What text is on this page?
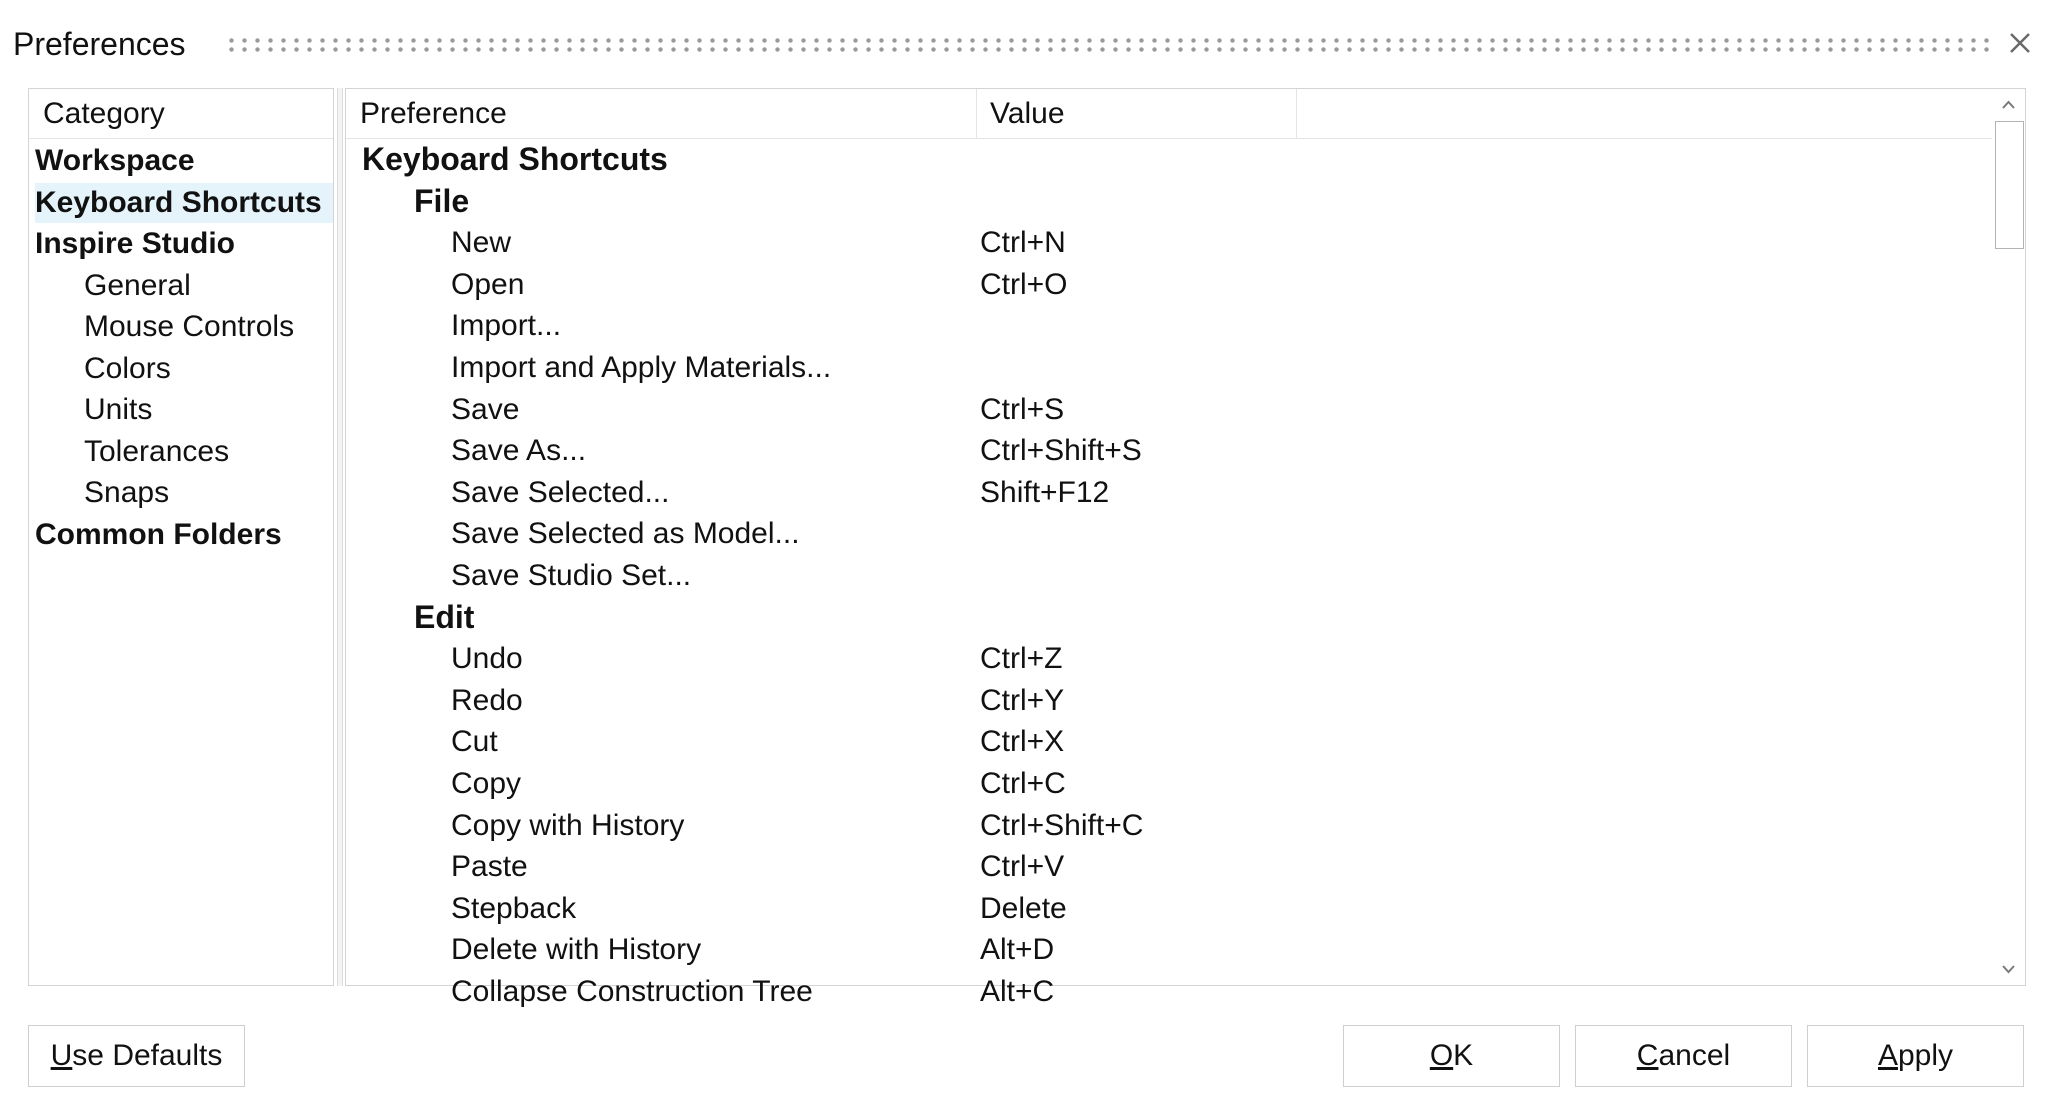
Preferences
Category
Workspace
Keyboard Shortcuts
Inspire Studio
General
Mouse Controls
Colors
Units
Tolerances
Snaps
Common Folders
Preference	Value
Keyboard Shortcuts
File
New	Ctrl+N
Open	Ctrl+O
Import...
Import and Apply Materials...
Save	Ctrl+S
Save As...	Ctrl+Shift+S
Save Selected...	Shift+F12
Save Selected as Model...
Save Studio Set...
Edit
Undo	Ctrl+Z
Redo	Ctrl+Y
Cut	Ctrl+X
Copy	Ctrl+C
Copy with History	Ctrl+Shift+C
Paste	Ctrl+V
Stepback	Delete
Delete with History	Alt+D
Collapse Construction Tree	Alt+C
Use Defaults	OK	Cancel	Apply
